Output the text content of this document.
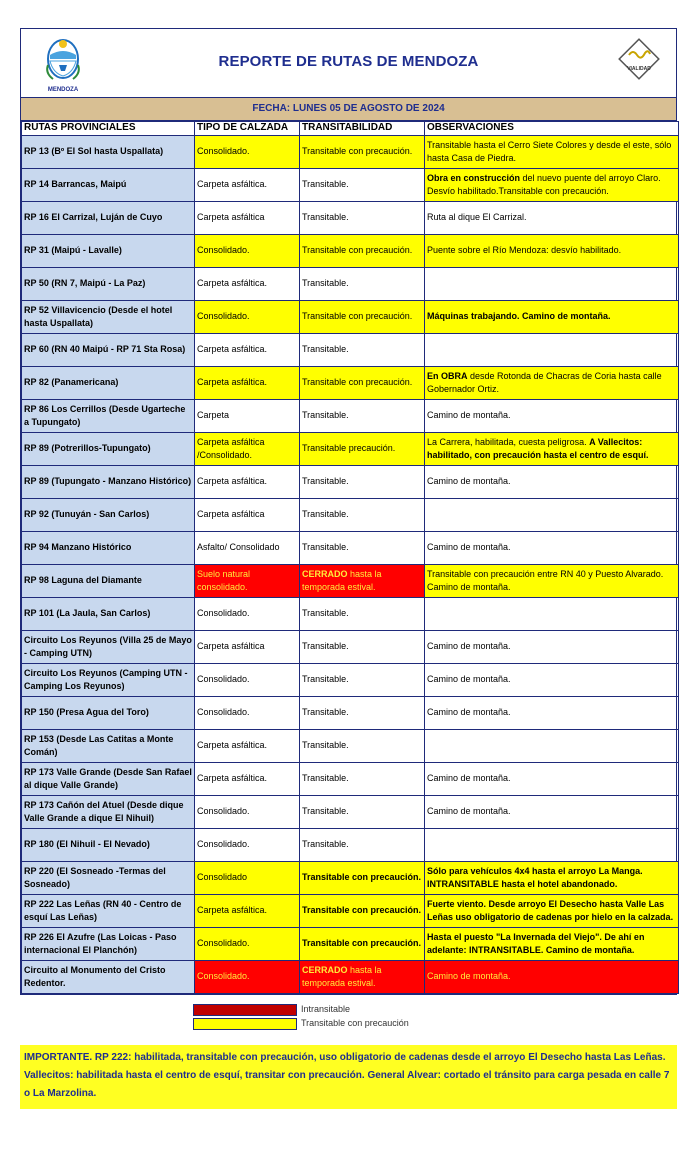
MENDOZA
REPORTE DE RUTAS DE MENDOZA	VIALIDAD
FECHA: LUNES 05 DE AGOSTO DE 2024
RUTAS PROVINCIALES	TIPO DE CALZADA	TRANSITABILIDAD	OBSERVACIONES
RP 13 (Bº El Sol hasta Uspallata)	Consolidado.	Transitable con precaución.	Transitable hasta el Cerro Siete Colores y desde el este, sólo hasta Casa de Piedra.
RP 14 Barrancas, Maipú	Carpeta asfáltica.	Transitable.	Obra en construcción del nuevo puente del arroyo Claro. Desvío habilitado.Transitable con precaución.
RP 16 El Carrizal, Luján de Cuyo	Carpeta asfáltica	Transitable.	Ruta al dique El Carrizal.
RP 31 (Maipú - Lavalle)	Consolidado.	Transitable con precaución.	Puente sobre el Río Mendoza: desvío habilitado.
RP 50 (RN 7, Maipú - La Paz)	Carpeta asfáltica.	Transitable.	
RP 52 Villavicencio (Desde el hotel hasta Uspallata)	Consolidado.	Transitable con precaución.	Máquinas trabajando. Camino de montaña.
RP 60 (RN 40 Maipú - RP 71 Sta Rosa)	Carpeta asfáltica.	Transitable.	
RP 82 (Panamericana)	Carpeta asfáltica.	Transitable con precaución.	En OBRA desde Rotonda de Chacras de Coria hasta calle Gobernador Ortiz.
RP 86 Los Cerrillos (Desde Ugarteche a Tupungato)	Carpeta	Transitable.	Camino de montaña.
RP 89 (Potrerillos-Tupungato)	Carpeta asfáltica /Consolidado.	Transitable precaución.	La Carrera, habilitada, cuesta peligrosa. A Vallecitos: habilitado, con precaución hasta el centro de esquí.
RP 89 (Tupungato - Manzano Histórico)	Carpeta asfáltica.	Transitable.	Camino de montaña.
RP 92 (Tunuyán - San Carlos)	Carpeta asfáltica	Transitable.	
RP 94 Manzano Histórico	Asfalto/ Consolidado	Transitable.	Camino de montaña.
RP 98 Laguna del Diamante	Suelo natural consolidado.	CERRADO hasta la temporada estival.	Transitable con precaución entre RN 40 y Puesto Alvarado. Camino de montaña.
RP 101 (La Jaula, San Carlos)	Consolidado.	Transitable.	
Circuito Los Reyunos (Villa 25 de Mayo - Camping UTN)	Carpeta asfáltica	Transitable.	Camino de montaña.
Circuito Los Reyunos (Camping UTN - Camping Los Reyunos)	Consolidado.	Transitable.	Camino de montaña.
RP 150 (Presa Agua del Toro)	Consolidado.	Transitable.	Camino de montaña.
RP 153 (Desde Las Catitas a Monte Comán)	Carpeta asfáltica.	Transitable.	
RP 173 Valle Grande (Desde San Rafael al dique Valle Grande)	Carpeta asfáltica.	Transitable.	Camino de montaña.
RP 173 Cañón del Atuel (Desde dique Valle Grande a dique El Nihuil)	Consolidado.	Transitable.	Camino de montaña.
RP 180 (El Nihuil - El Nevado)	Consolidado.	Transitable.	
RP 220 (El Sosneado -Termas del Sosneado)	Consolidado	Transitable con precaución.	Sólo para vehículos 4x4 hasta el arroyo La Manga. INTRANSITABLE hasta el hotel abandonado.
RP 222 Las Leñas (RN 40 - Centro de esquí Las Leñas)	Carpeta asfáltica.	Transitable con precaución.	Fuerte viento. Desde arroyo El Desecho hasta Valle Las Leñas uso obligatorio de cadenas por hielo en la calzada.
RP 226 El Azufre (Las Loicas - Paso internacional El Planchón)	Consolidado.	Transitable con precaución.	Hasta el puesto "La Invernada del Viejo". De ahí en adelante: INTRANSITABLE. Camino de montaña.
Circuito al Monumento del Cristo Redentor.	Consolidado.	CERRADO hasta la temporada estival.	Camino de montaña.
Intransitable
Transitable con precaución
IMPORTANTE. RP 222: habilitada, transitable con precaución, uso obligatorio de cadenas desde el arroyo El Desecho hasta Las Leñas. Vallecitos: habilitada hasta el centro de esquí, transitar con precaución. General Alvear: cortado el tránsito para carga pesada en calle 7 o La Marzolina.
